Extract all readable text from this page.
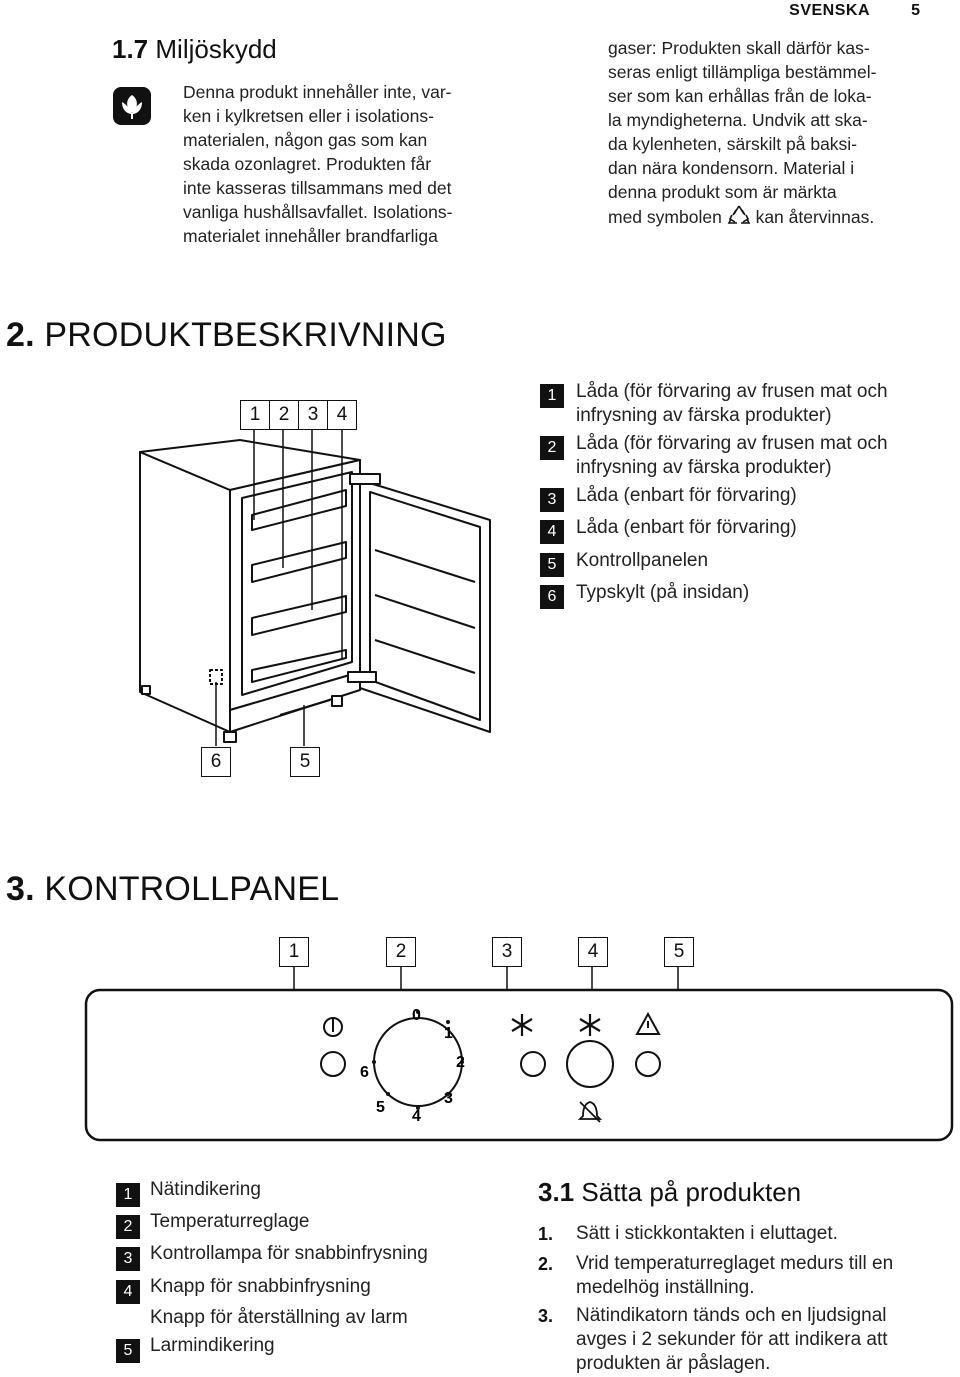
SVENSKA	5
1.7 Miljöskydd
Denna produkt innehåller inte, var-
ken i kylkretsen eller i isolations-
materialen, någon gas som kan
skada ozonlagret. Produkten får
inte kasseras tillsammans med det
vanliga hushållsavfallet. Isolations-
materialet innehåller brandfarliga
gaser: Produkten skall därför kas-
seras enligt tillämpliga bestämmel-
ser som kan erhållas från de loka-
la myndigheterna. Undvik att ska-
da kylenheten, särskilt på baksi-
dan nära kondensorn. Material i
denna produkt som är märkta
med symbolen kan återvinnas.
2. PRODUKTBESKRIVNING
1 2 3 4
6	5
1	Låda (för förvaring av frusen mat och
infrysning av färska produkter)
2	Låda (för förvaring av frusen mat och
infrysning av färska produkter)
3	Låda (enbart för förvaring)
4	Låda (enbart för förvaring)
5	Kontrollpanelen
6	Typskylt (på insidan)
3. KONTROLLPANEL
1	2	3	4	5
0
1
2
3
4
5
6
1 Nätindikering
2 Temperaturreglage
3 Kontrollampa för snabbinfrysning
4 Knapp för snabbinfrysning
Knapp för återställning av larm
5 Larmindikering
3.1 Sätta på produkten
1. Sätt i stickkontakten i eluttaget.
2. Vrid temperaturreglaget medurs till en
medelhög inställning.
3. Nätindikatorn tänds och en ljudsignal
avges i 2 sekunder för att indikera att
produkten är påslagen.
